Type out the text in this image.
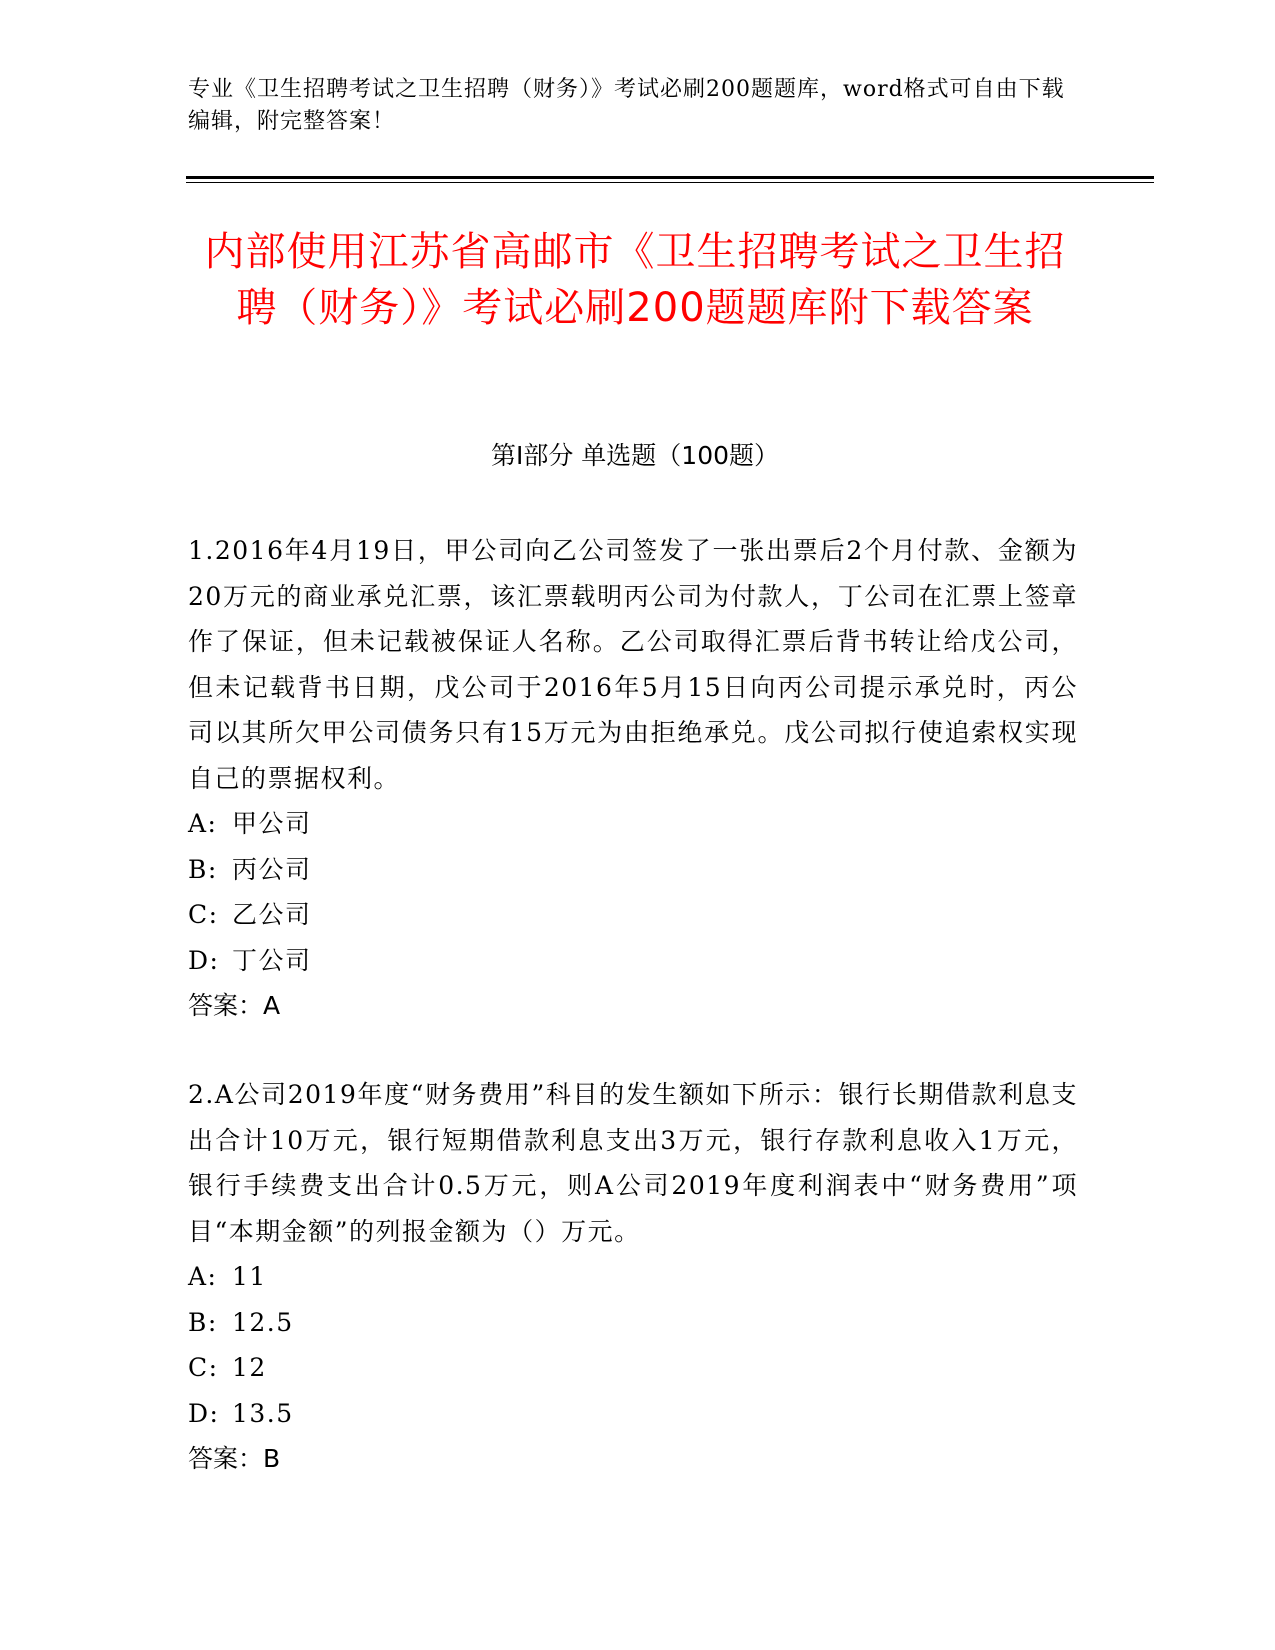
专业《卫生招聘考试之卫生招聘（财务）》考试必刷200题题库，word格式可自由下载编辑，附完整答案！
内部使用江苏省高邮市《卫生招聘考试之卫生招聘（财务）》考试必刷200题题库附下载答案
第Ⅰ部分 单选题（100题）

1.2016年4月19日，甲公司向乙公司签发了一张出票后2个月付款、金额为20万元的商业承兑汇票，该汇票载明丙公司为付款人，丁公司在汇票上签章作了保证，但未记载被保证人名称。乙公司取得汇票后背书转让给戊公司，但未记载背书日期，戊公司于2016年5月15日向丙公司提示承兑时，丙公司以其所欠甲公司债务只有15万元为由拒绝承兑。戊公司拟行使追索权实现自己的票据权利。

A: 甲公司

B: 丙公司

C: 乙公司

D: 丁公司

答案：A

2.A公司2019年度“财务费用”科目的发生额如下所示：银行长期借款利息支出合计10万元，银行短期借款利息支出3万元，银行存款利息收入1万元，银行手续费支出合计0.5万元，则A公司2019年度利润表中“财务费用”项目“本期金额”的列报金额为（）万元。

A: 11

B: 12.5

C: 12

D: 13.5

答案：B
